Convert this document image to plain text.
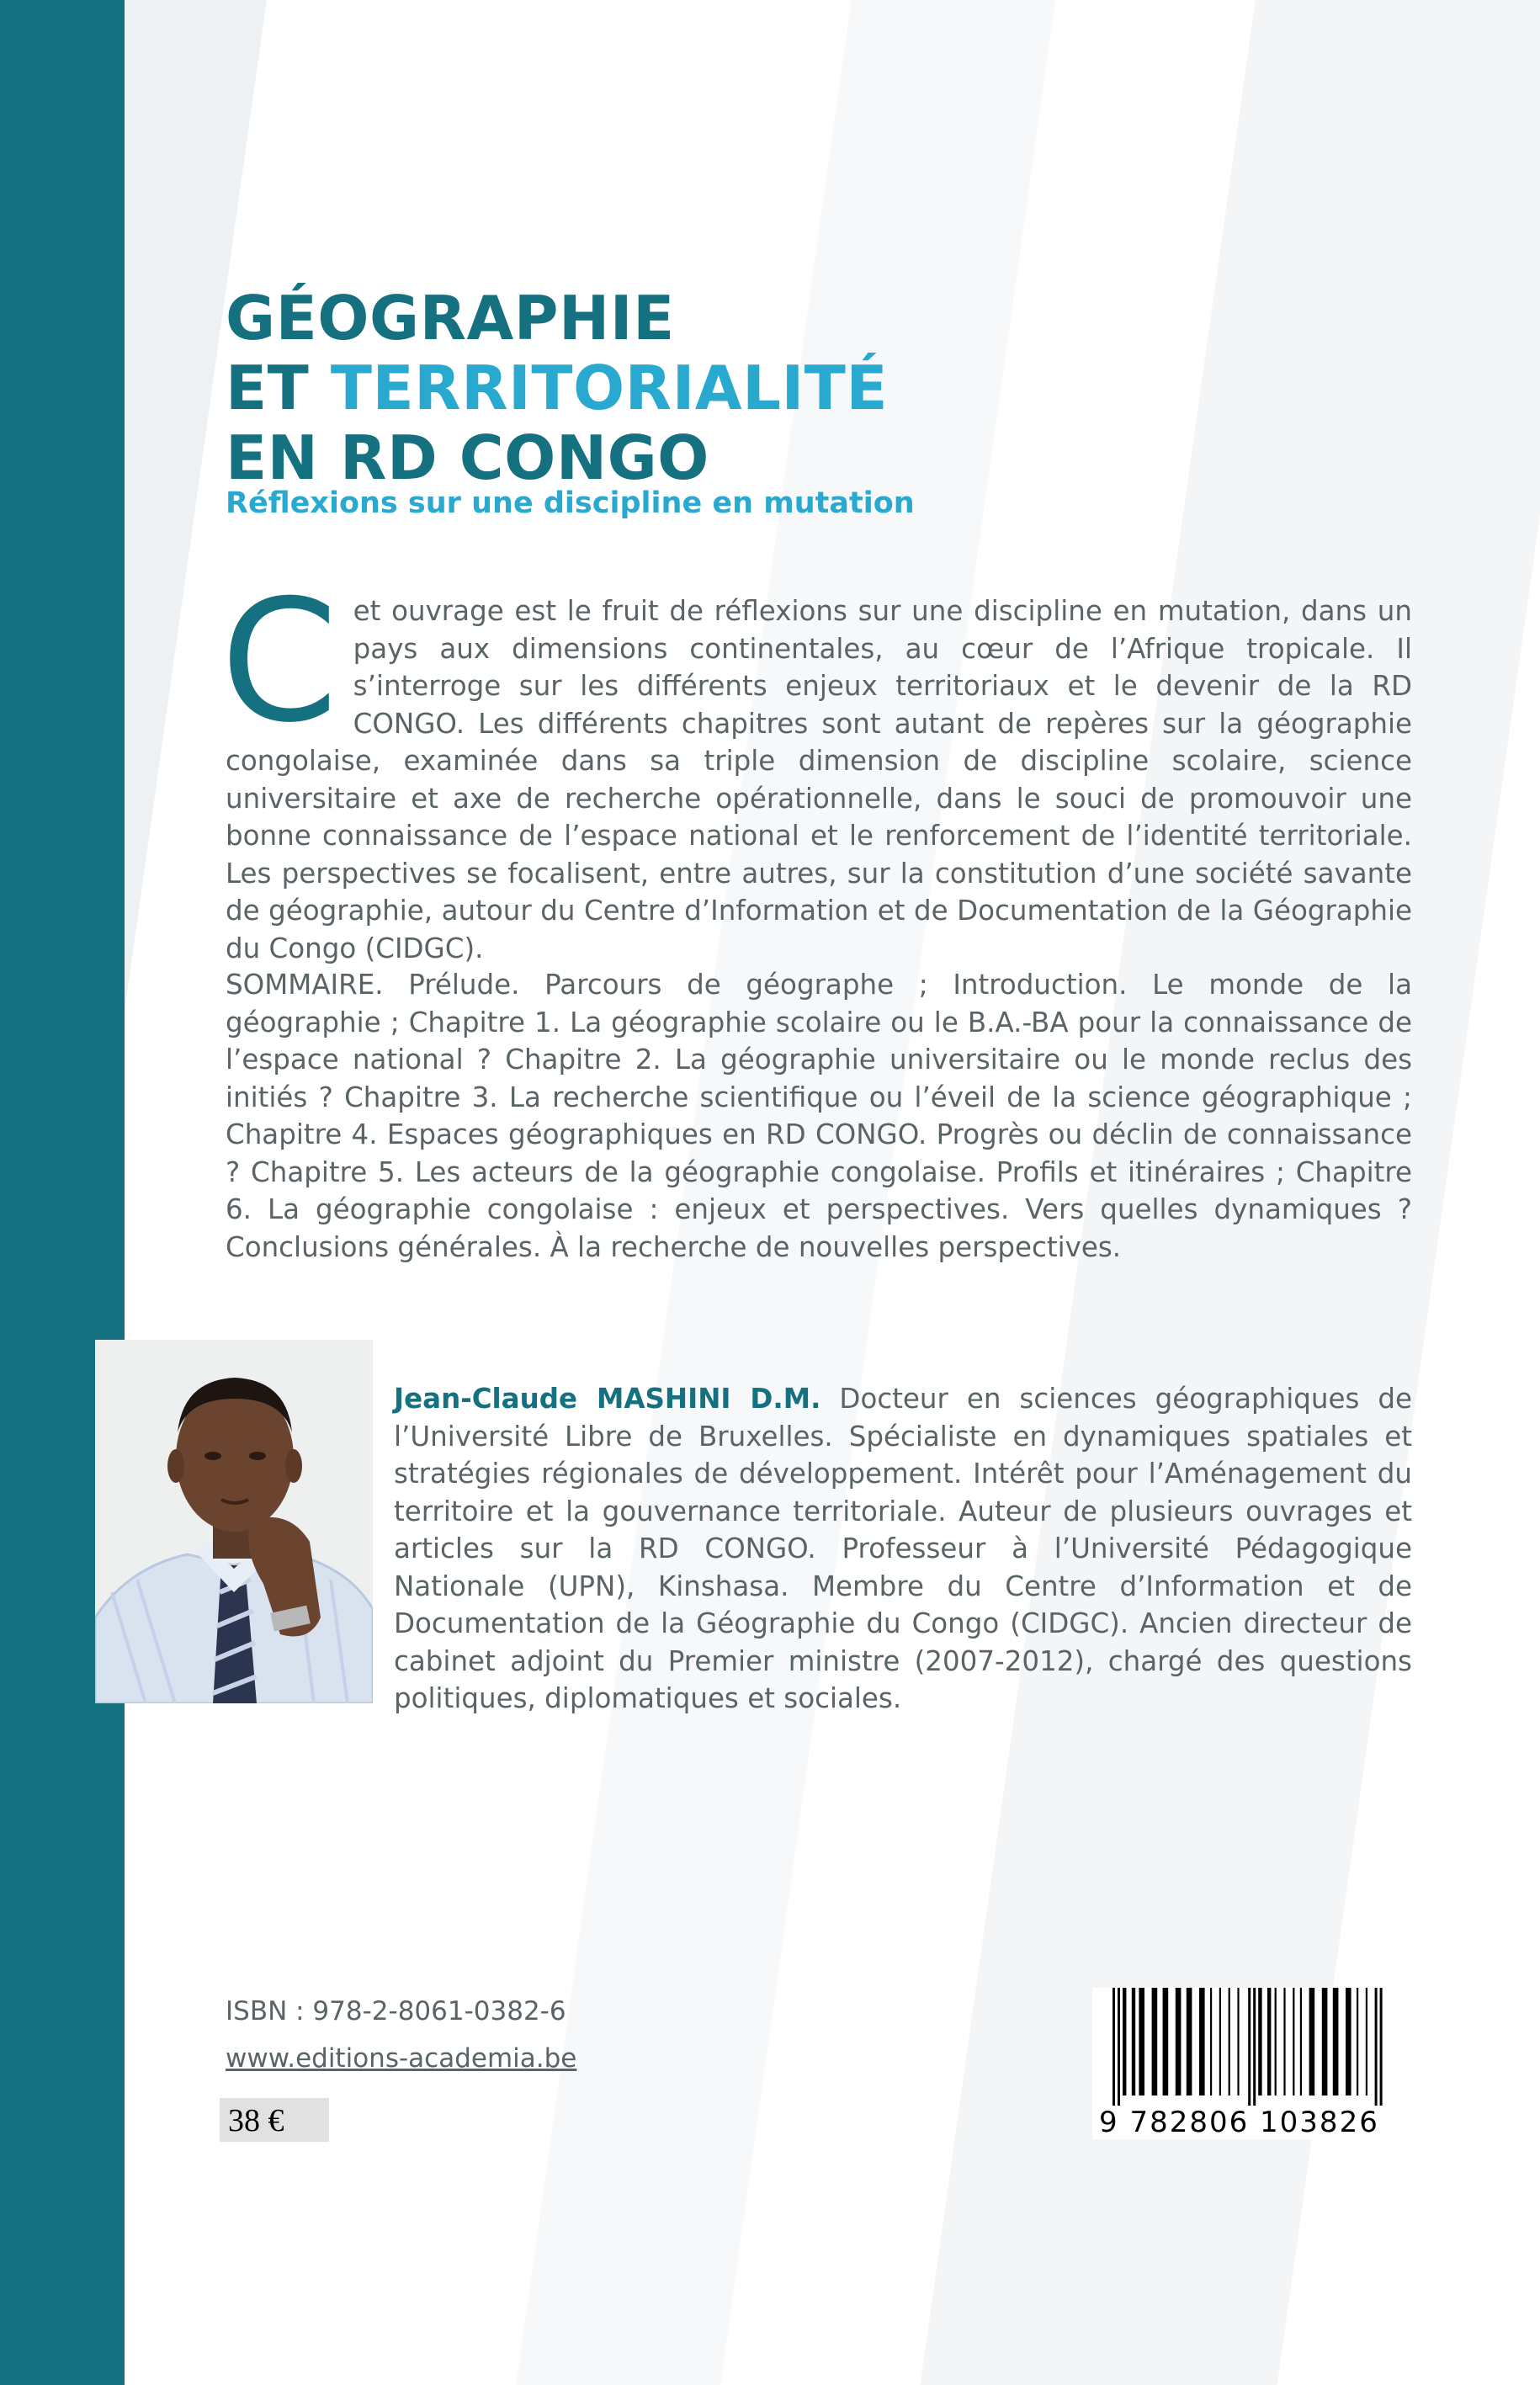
GÉOGRAPHIE
ET TERRITORIALITÉ
EN RD CONGO

Réflexions sur une discipline en mutation

Cet ouvrage est le fruit de réflexions sur une discipline en mutation, dans un pays aux dimensions continentales, au cœur de l’Afrique tropicale. Il s’interroge sur les différents enjeux territoriaux et le devenir de la RD CONGO. Les différents chapitres sont autant de repères sur la géographie congolaise, examinée dans sa triple dimension de discipline scolaire, science universitaire et axe de recherche opérationnelle, dans le souci de promouvoir une bonne connaissance de l’espace national et le renforcement de l’identité territoriale. Les perspectives se focalisent, entre autres, sur la constitution d’une société savante de géographie, autour du Centre d’Information et de Documentation de la Géographie du Congo (CIDGC).

SOMMAIRE. Prélude. Parcours de géographe ; Introduction. Le monde de la géographie ; Chapitre 1. La géographie scolaire ou le B.A.-BA pour la connaissance de l’espace national ? Chapitre 2. La géographie universitaire ou le monde reclus des initiés ? Chapitre 3. La recherche scientifique ou l’éveil de la science géographique ; Chapitre 4. Espaces géographiques en RD CONGO. Progrès ou déclin de connaissance ? Chapitre 5. Les acteurs de la géographie congolaise. Profils et itinéraires ; Chapitre 6. La géographie congolaise : enjeux et perspectives. Vers quelles dynamiques ? Conclusions générales. À la recherche de nouvelles perspectives.

Jean-Claude MASHINI D.M. Docteur en sciences géographiques de l’Université Libre de Bruxelles. Spécialiste en dynamiques spatiales et stratégies régionales de développement. Intérêt pour l’Aménagement du territoire et la gouvernance territoriale. Auteur de plusieurs ouvrages et articles sur la RD CONGO. Professeur à l’Université Pédagogique Nationale (UPN), Kinshasa. Membre du Centre d’Information et de Documentation de la Géographie du Congo (CIDGC). Ancien directeur de cabinet adjoint du Premier ministre (2007-2012), chargé des questions politiques, diplomatiques et sociales.

ISBN : 978-2-8061-0382-6

www.editions-academia.be

38 €	9 782806 103826
